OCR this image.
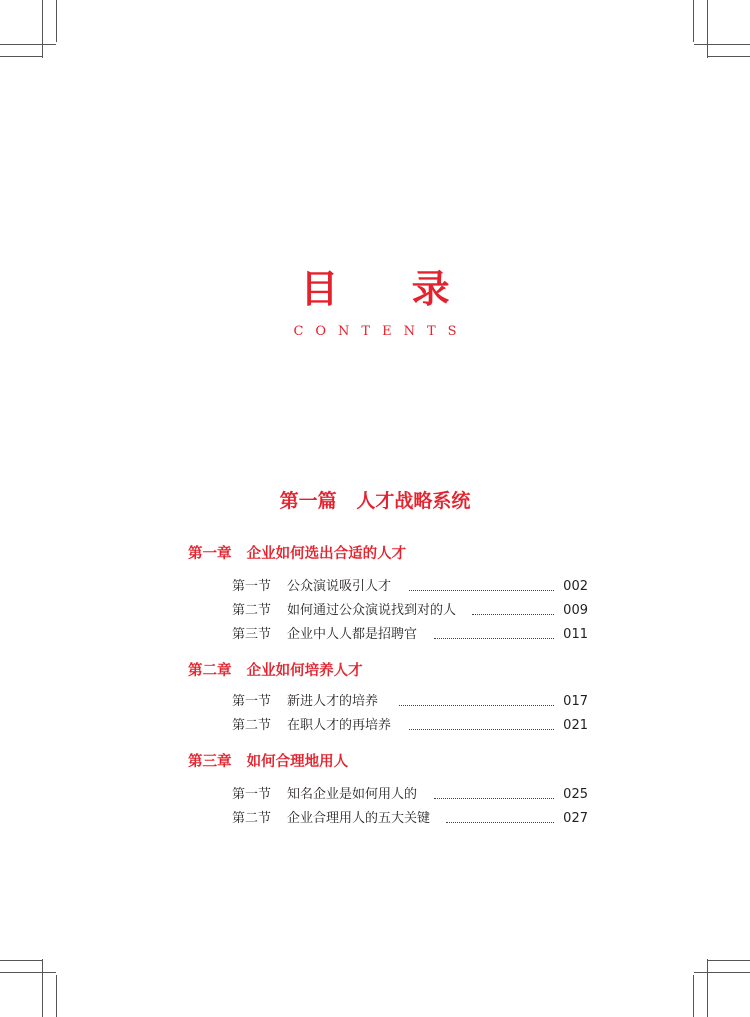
目 录
CONTENTS
第一篇   人才战略系统
第一章   企业如何选出合适的人才
第一节 公众演说吸引人才	002
第二节 如何通过公众演说找到对的人	009
第三节 企业中人人都是招聘官	011
第二章   企业如何培养人才
第一节 新进人才的培养	017
第二节 在职人才的再培养	021
第三章   如何合理地用人
第一节 知名企业是如何用人的	025
第二节 企业合理用人的五大关键	027
